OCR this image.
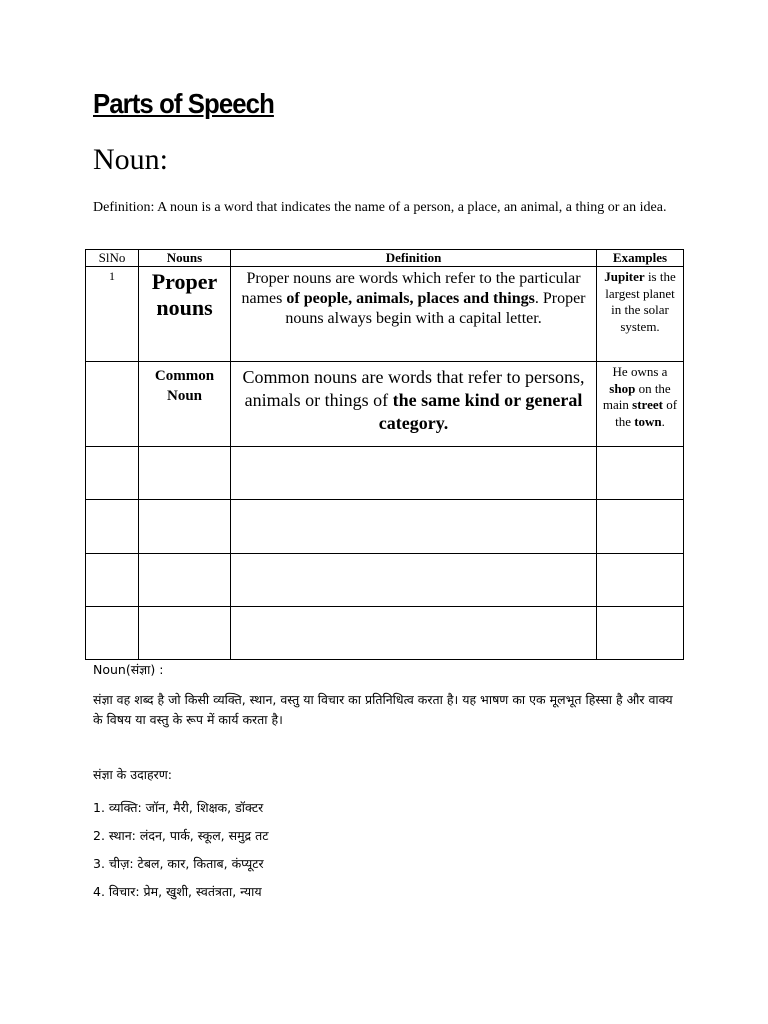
Parts of Speech
Noun:
Definition: A noun is a word that indicates the name of a person, a place, an animal, a thing or an idea.
SlNo	Nouns	Definition	Examples
1	Proper nouns	Proper nouns are words which refer to the particular names of people, animals, places and things. Proper nouns always begin with a capital letter.	Jupiter is the largest planet in the solar system.
	Common Noun	Common nouns are words that refer to persons, animals or things of the same kind or general category.	He owns a shop on the main street of the town.

Noun(संज्ञा) :
संज्ञा वह शब्द है जो किसी व्यक्ति, स्थान, वस्तु या विचार का प्रतिनिधित्व करता है। यह भाषण का एक मूलभूत हिस्सा है और वाक्य के विषय या वस्तु के रूप में कार्य करता है।
संज्ञा के उदाहरण:
1. व्यक्ति: जॉन, मैरी, शिक्षक, डॉक्टर
2. स्थान: लंदन, पार्क, स्कूल, समुद्र तट
3. चीज़: टेबल, कार, किताब, कंप्यूटर
4. विचार: प्रेम, खुशी, स्वतंत्रता, न्याय
